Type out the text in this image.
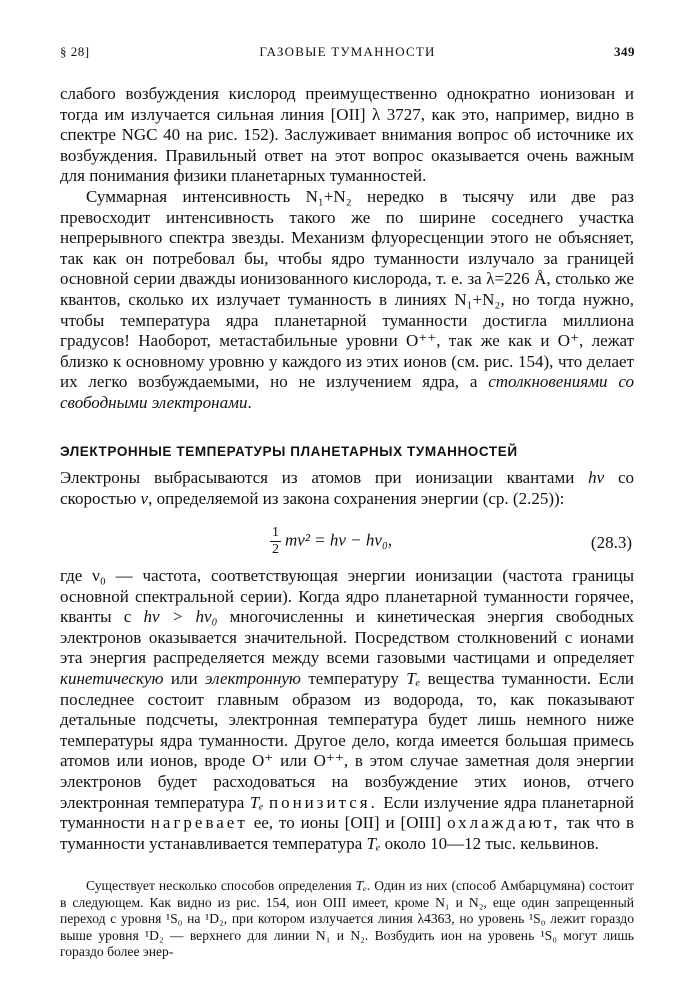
§ 28]	ГАЗОВЫЕ ТУМАННОСТИ	349

слабого возбуждения кислород преимущественно однократно ионизован и тогда им излучается сильная линия [OII] λ 3727, как это, например, видно в спектре NGC 40 на рис. 152). Заслуживает внимания вопрос об источнике их возбуждения. Правильный ответ на этот вопрос оказывается очень важным для понимания физики планетарных туманностей.

Суммарная интенсивность N₁+N₂ нередко в тысячу или две раз превосходит интенсивность такого же по ширине соседнего участка непрерывного спектра звезды. Механизм флуоресценции этого не объясняет, так как он потребовал бы, чтобы ядро туманности излучало за границей основной серии дважды ионизованного кислорода, т. е. за λ=226 Å, столько же квантов, сколько их излучает туманность в линиях N₁+N₂, но тогда нужно, чтобы температура ядра планетарной туманности достигла миллиона градусов! Наоборот, метастабильные уровни O⁺⁺, так же как и O⁺, лежат близко к основному уровню у каждого из этих ионов (см. рис. 154), что делает их легко возбуждаемыми, но не излучением ядра, а столкновениями со свободными электронами.

ЭЛЕКТРОННЫЕ ТЕМПЕРАТУРЫ ПЛАНЕТАРНЫХ ТУМАННОСТЕЙ

Электроны выбрасываются из атомов при ионизации квантами hν со скоростью v, определяемой из закона сохранения энергии (ср. (2.25)):

$\frac{1}{2} mv^2 = h\nu - h\nu_0$,	(28.3)

где ν₀ — частота, соответствующая энергии ионизации (частота границы основной спектральной серии). Когда ядро планетарной туманности горячее, кванты с hν > hν₀ многочисленны и кинетическая энергия свободных электронов оказывается значительной. Посредством столкновений с ионами эта энергия распределяется между всеми газовыми частицами и определяет кинетическую или электронную температуру Tₑ вещества туманности. Если последнее состоит главным образом из водорода, то, как показывают детальные подсчеты, электронная температура будет лишь немного ниже температуры ядра туманности. Другое дело, когда имеется большая примесь атомов или ионов, вроде O⁺ или O⁺⁺, в этом случае заметная доля энергии электронов будет расходоваться на возбуждение этих ионов, отчего электронная температура Tₑ понизится. Если излучение ядра планетарной туманности нагревает ее, то ионы [OII] и [OIII] охлаждают, так что в туманности устанавливается температура Tₑ около 10—12 тыс. кельвинов.

Существует несколько способов определения Tₑ. Один из них (способ Амбарцумяна) состоит в следующем. Как видно из рис. 154, ион OIII имеет, кроме N₁ и N₂, еще один запрещенный переход с уровня ¹S₀ на ¹D₂, при котором излучается линия λ4363, но уровень ¹S₀ лежит гораздо выше уровня ¹D₂ — верхнего для линии N₁ и N₂. Возбудить ион на уровень ¹S₀ могут лишь гораздо более энер-
